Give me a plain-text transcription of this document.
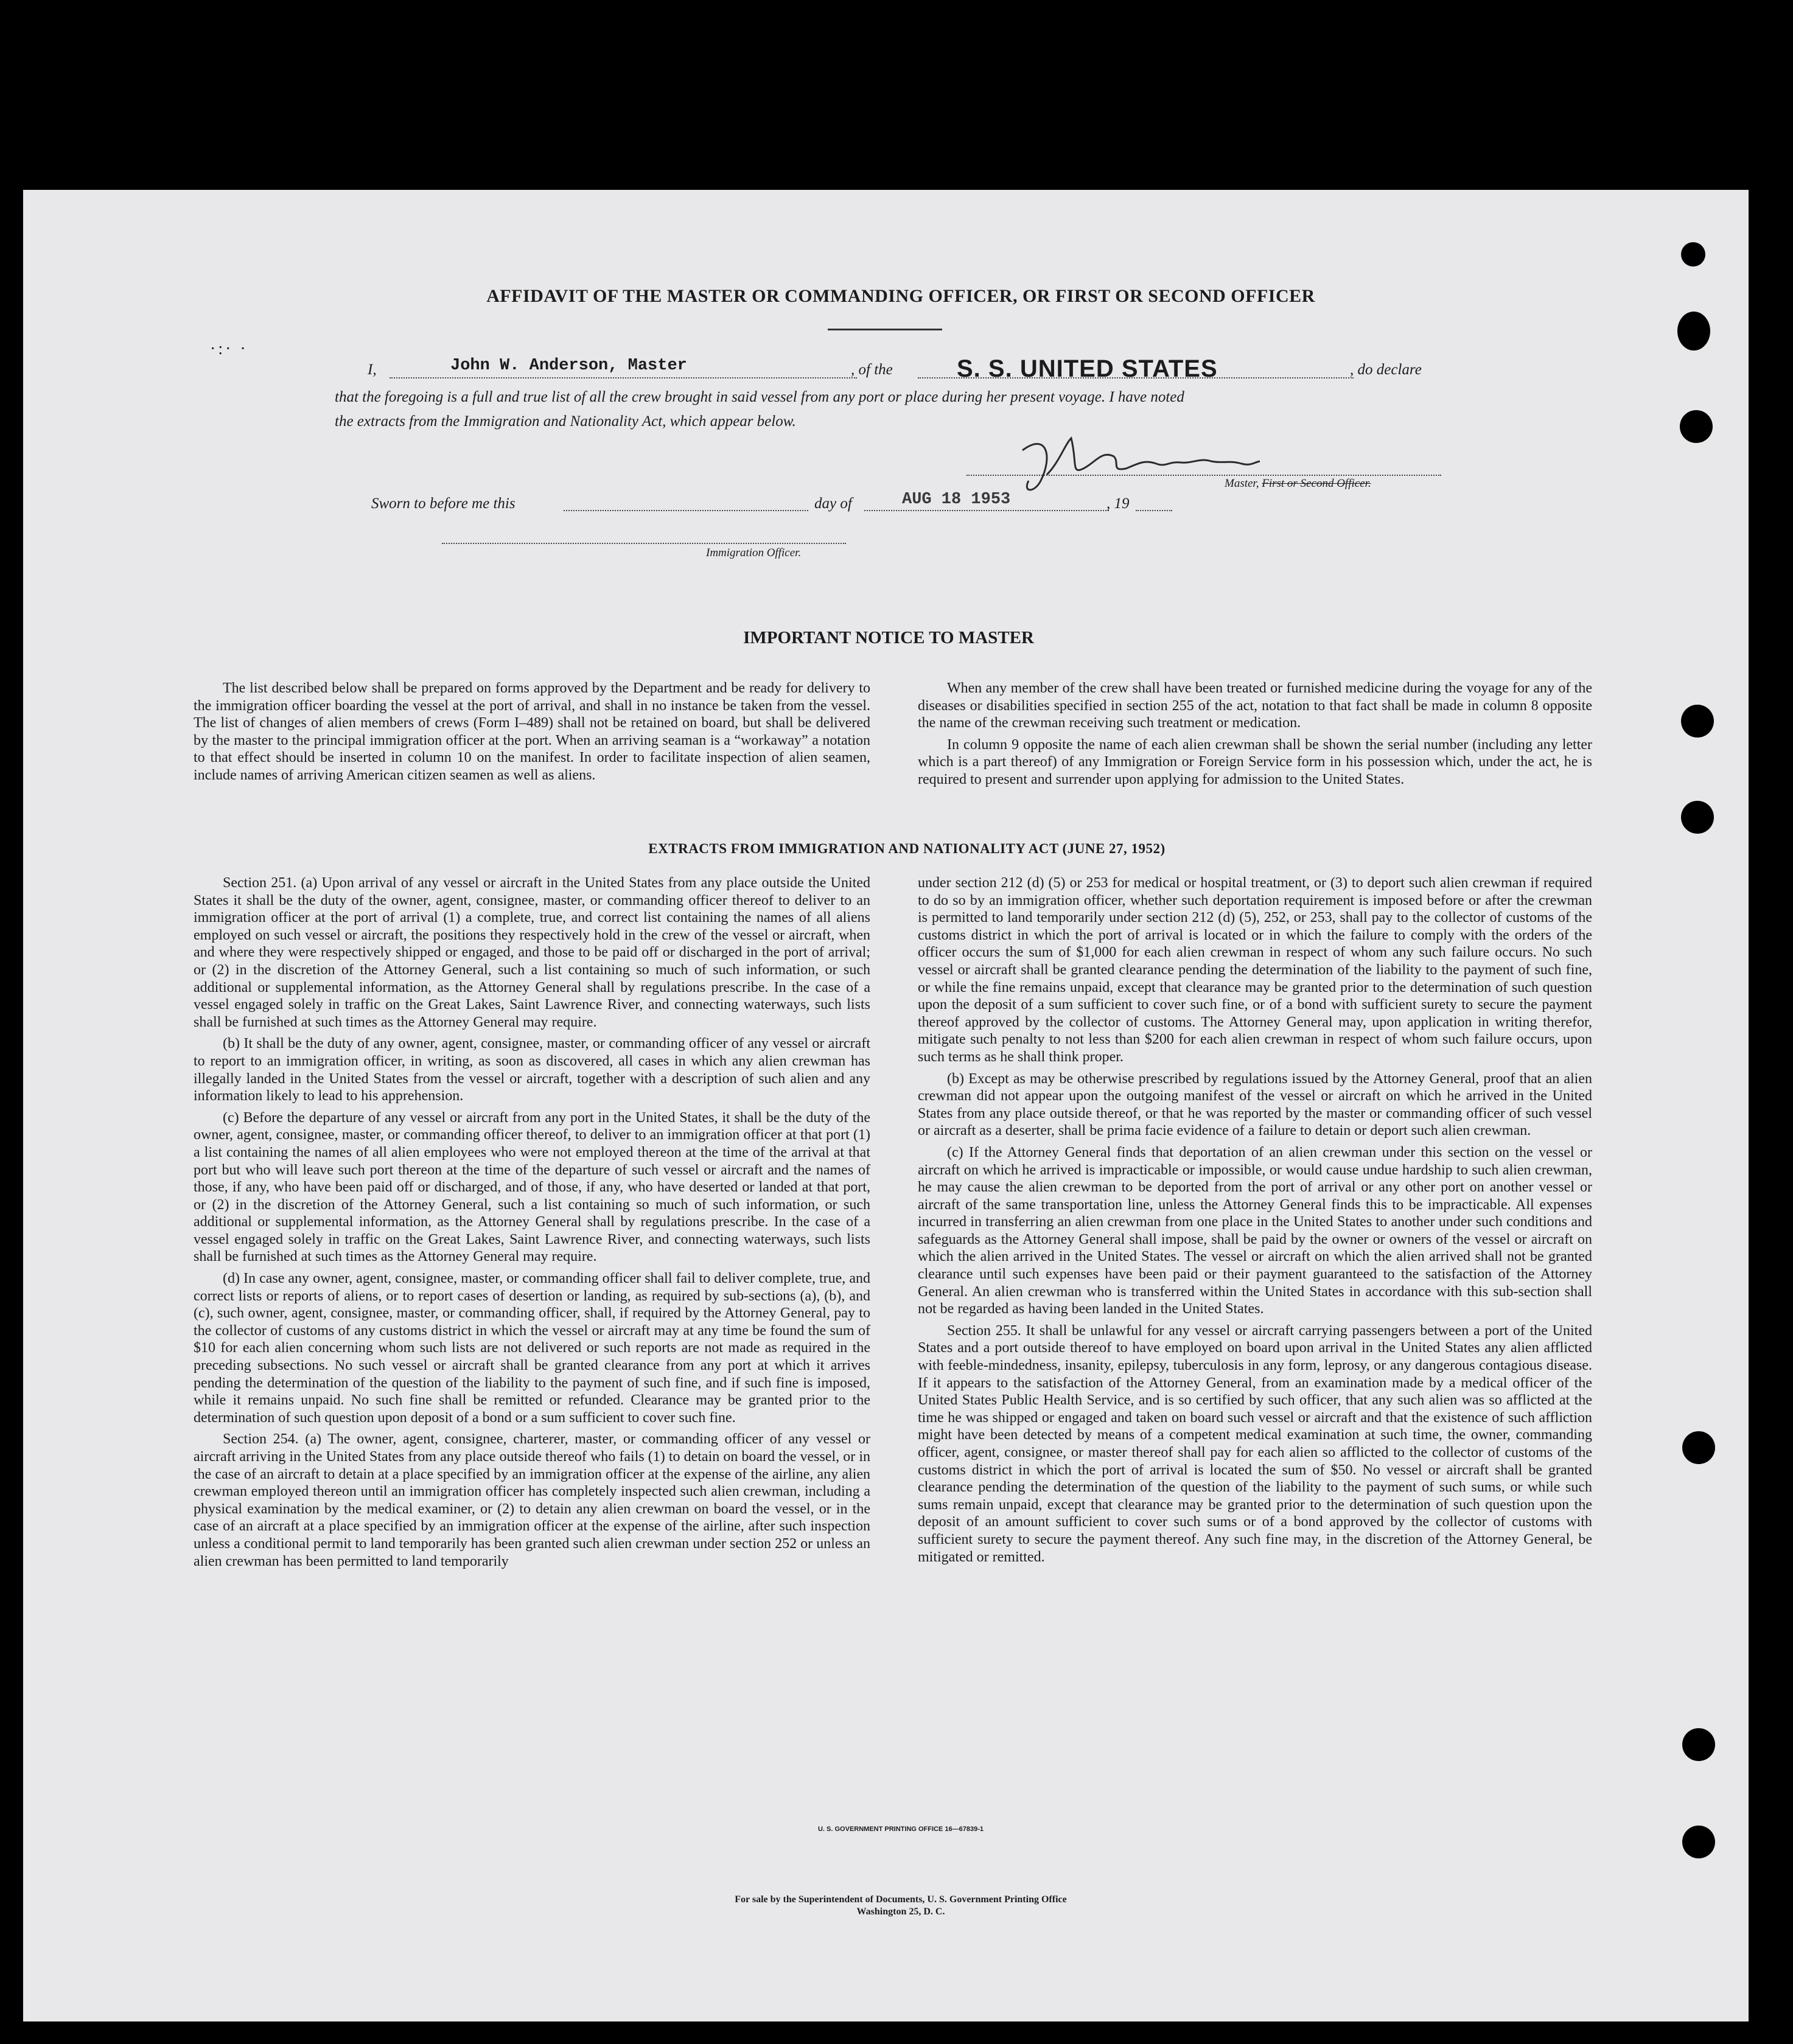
AFFIDAVIT OF THE MASTER OR COMMANDING OFFICER, OR FIRST OR SECOND OFFICER
·:· ·
I,	John W. Anderson, Master	, of the	S. S. UNITED STATES	, do declare
that the foregoing is a full and true list of all the crew brought in said vessel from any port or place during her present voyage. I have noted
the extracts from the Immigration and Nationality Act, which appear below.
Master, First or Second Officer.
Sworn to before me this	day of	AUG 18 1953	, 19
Immigration Officer.
IMPORTANT NOTICE TO MASTER

The list described below shall be prepared on forms approved by the Department and be ready for delivery to the immigration officer boarding the vessel at the port of arrival, and shall in no instance be taken from the vessel. The list of changes of alien members of crews (Form I–489) shall not be retained on board, but shall be delivered by the master to the principal immigration officer at the port. When an arriving seaman is a “workaway” a notation to that effect should be inserted in column 10 on the manifest. In order to facilitate inspection of alien seamen, include names of arriving American citizen seamen as well as aliens.

When any member of the crew shall have been treated or furnished medicine during the voyage for any of the diseases or disabilities specified in section 255 of the act, notation to that fact shall be made in column 8 opposite the name of the crewman receiving such treatment or medication.

In column 9 opposite the name of each alien crewman shall be shown the serial number (including any letter which is a part thereof) of any Immigration or Foreign Service form in his possession which, under the act, he is required to present and surrender upon applying for admission to the United States.

EXTRACTS FROM IMMIGRATION AND NATIONALITY ACT (JUNE 27, 1952)

Section 251. (a) Upon arrival of any vessel or aircraft in the United States from any place outside the United States it shall be the duty of the owner, agent, consignee, master, or commanding officer thereof to deliver to an immigration officer at the port of arrival (1) a complete, true, and correct list containing the names of all aliens employed on such vessel or aircraft, the positions they respectively hold in the crew of the vessel or aircraft, when and where they were respectively shipped or engaged, and those to be paid off or discharged in the port of arrival; or (2) in the discretion of the Attorney General, such a list containing so much of such information, or such additional or supplemental information, as the Attorney General shall by regulations prescribe. In the case of a vessel engaged solely in traffic on the Great Lakes, Saint Lawrence River, and connecting waterways, such lists shall be furnished at such times as the Attorney General may require.

(b) It shall be the duty of any owner, agent, consignee, master, or commanding officer of any vessel or aircraft to report to an immigration officer, in writing, as soon as discovered, all cases in which any alien crewman has illegally landed in the United States from the vessel or aircraft, together with a description of such alien and any information likely to lead to his apprehension.

(c) Before the departure of any vessel or aircraft from any port in the United States, it shall be the duty of the owner, agent, consignee, master, or commanding officer thereof, to deliver to an immigration officer at that port (1) a list containing the names of all alien employees who were not employed thereon at the time of the arrival at that port but who will leave such port thereon at the time of the departure of such vessel or aircraft and the names of those, if any, who have been paid off or discharged, and of those, if any, who have deserted or landed at that port, or (2) in the discretion of the Attorney General, such a list containing so much of such information, or such additional or supplemental information, as the Attorney General shall by regulations prescribe. In the case of a vessel engaged solely in traffic on the Great Lakes, Saint Lawrence River, and connecting waterways, such lists shall be furnished at such times as the Attorney General may require.

(d) In case any owner, agent, consignee, master, or commanding officer shall fail to deliver complete, true, and correct lists or reports of aliens, or to report cases of desertion or landing, as required by sub-sections (a), (b), and (c), such owner, agent, consignee, master, or commanding officer, shall, if required by the Attorney General, pay to the collector of customs of any customs district in which the vessel or aircraft may at any time be found the sum of $10 for each alien concerning whom such lists are not delivered or such reports are not made as required in the preceding subsections. No such vessel or aircraft shall be granted clearance from any port at which it arrives pending the determination of the question of the liability to the payment of such fine, and if such fine is imposed, while it remains unpaid. No such fine shall be remitted or refunded. Clearance may be granted prior to the determination of such question upon deposit of a bond or a sum sufficient to cover such fine.

Section 254. (a) The owner, agent, consignee, charterer, master, or commanding officer of any vessel or aircraft arriving in the United States from any place outside thereof who fails (1) to detain on board the vessel, or in the case of an aircraft to detain at a place specified by an immigration officer at the expense of the airline, any alien crewman employed thereon until an immigration officer has completely inspected such alien crewman, including a physical examination by the medical examiner, or (2) to detain any alien crewman on board the vessel, or in the case of an aircraft at a place specified by an immigration officer at the expense of the airline, after such inspection unless a conditional permit to land temporarily has been granted such alien crewman under section 252 or unless an alien crewman has been permitted to land temporarily

under section 212 (d) (5) or 253 for medical or hospital treatment, or (3) to deport such alien crewman if required to do so by an immigration officer, whether such deportation requirement is imposed before or after the crewman is permitted to land temporarily under section 212 (d) (5), 252, or 253, shall pay to the collector of customs of the customs district in which the port of arrival is located or in which the failure to comply with the orders of the officer occurs the sum of $1,000 for each alien crewman in respect of whom any such failure occurs. No such vessel or aircraft shall be granted clearance pending the determination of the liability to the payment of such fine, or while the fine remains unpaid, except that clearance may be granted prior to the determination of such question upon the deposit of a sum sufficient to cover such fine, or of a bond with sufficient surety to secure the payment thereof approved by the collector of customs. The Attorney General may, upon application in writing therefor, mitigate such penalty to not less than $200 for each alien crewman in respect of whom such failure occurs, upon such terms as he shall think proper.

(b) Except as may be otherwise prescribed by regulations issued by the Attorney General, proof that an alien crewman did not appear upon the outgoing manifest of the vessel or aircraft on which he arrived in the United States from any place outside thereof, or that he was reported by the master or commanding officer of such vessel or aircraft as a deserter, shall be prima facie evidence of a failure to detain or deport such alien crewman.

(c) If the Attorney General finds that deportation of an alien crewman under this section on the vessel or aircraft on which he arrived is impracticable or impossible, or would cause undue hardship to such alien crewman, he may cause the alien crewman to be deported from the port of arrival or any other port on another vessel or aircraft of the same transportation line, unless the Attorney General finds this to be impracticable. All expenses incurred in transferring an alien crewman from one place in the United States to another under such conditions and safeguards as the Attorney General shall impose, shall be paid by the owner or owners of the vessel or aircraft on which the alien arrived in the United States. The vessel or aircraft on which the alien arrived shall not be granted clearance until such expenses have been paid or their payment guaranteed to the satisfaction of the Attorney General. An alien crewman who is transferred within the United States in accordance with this sub-section shall not be regarded as having been landed in the United States.

Section 255. It shall be unlawful for any vessel or aircraft carrying passengers between a port of the United States and a port outside thereof to have employed on board upon arrival in the United States any alien afflicted with feeble-mindedness, insanity, epilepsy, tuberculosis in any form, leprosy, or any dangerous contagious disease. If it appears to the satisfaction of the Attorney General, from an examination made by a medical officer of the United States Public Health Service, and is so certified by such officer, that any such alien was so afflicted at the time he was shipped or engaged and taken on board such vessel or aircraft and that the existence of such affliction might have been detected by means of a competent medical examination at such time, the owner, commanding officer, agent, consignee, or master thereof shall pay for each alien so afflicted to the collector of customs of the customs district in which the port of arrival is located the sum of $50. No vessel or aircraft shall be granted clearance pending the determination of the question of the liability to the payment of such sums, or while such sums remain unpaid, except that clearance may be granted prior to the determination of such question upon the deposit of an amount sufficient to cover such sums or of a bond approved by the collector of customs with sufficient surety to secure the payment thereof. Any such fine may, in the discretion of the Attorney General, be mitigated or remitted.

U. S. GOVERNMENT PRINTING OFFICE 16—67839-1
For sale by the Superintendent of Documents, U. S. Government Printing Office
Washington 25, D. C.
